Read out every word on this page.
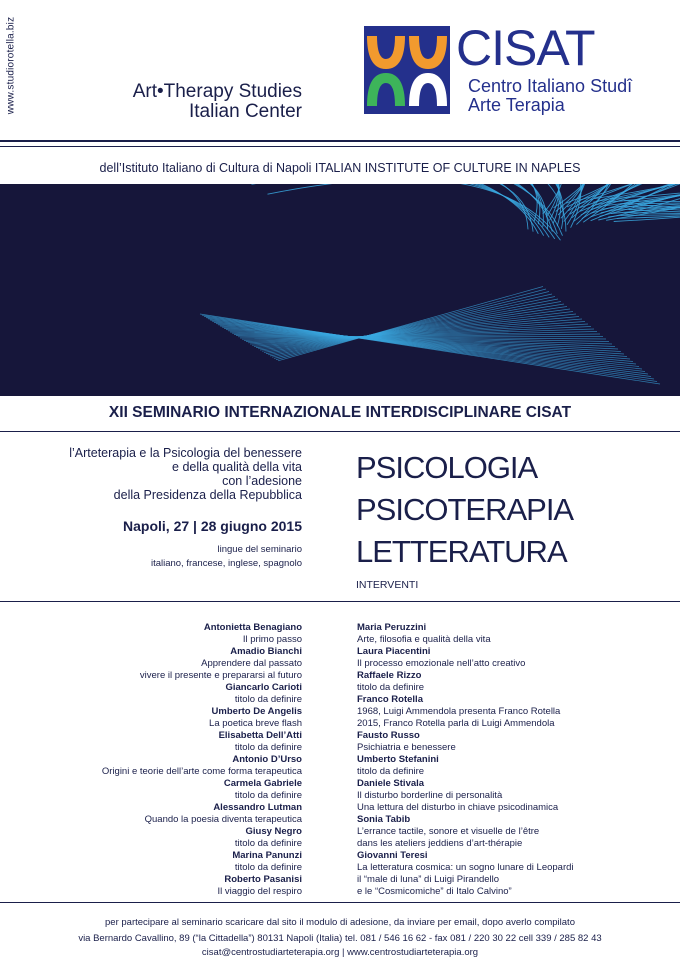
www.studiorotella.biz	Art•Therapy Studies
Italian Center
CISAT
Centro Italiano Studî
Arte Terapia
dell’Istituto Italiano di Cultura di Napoli ITALIAN INSTITUTE OF CULTURE IN NAPLES
XII SEMINARIO INTERNAZIONALE INTERDISCIPLINARE CISAT
l’Arteterapia e la Psicologia del benessere
e della qualità della vita
con l’adesione
della Presidenza della Repubblica
Napoli, 27 | 28 giugno 2015
lingue del seminario
italiano, francese, inglese, spagnolo
PSICOLOGIA
PSICOTERAPIA
LETTERATURA
INTERVENTI
Antonietta Benagiano
Il primo passo
Amadio Bianchi
Apprendere dal passato
vivere il presente e prepararsi al futuro
Giancarlo Carioti
titolo da definire
Umberto De Angelis
La poetica breve flash
Elisabetta Dell’Atti
titolo da definire
Antonio D’Urso
Origini e teorie dell’arte come forma terapeutica
Carmela Gabriele
titolo da definire
Alessandro Lutman
Quando la poesia diventa terapeutica
Giusy Negro
titolo da definire
Marina Panunzi
titolo da definire
Roberto Pasanisi
Il viaggio del respiro
Maria Peruzzini
Arte, filosofia e qualità della vita
Laura Piacentini
Il processo emozionale nell’atto creativo
Raffaele Rizzo
titolo da definire
Franco Rotella
1968, Luigi Ammendola presenta Franco Rotella
2015, Franco Rotella parla di Luigi Ammendola
Fausto Russo
Psichiatria e benessere
Umberto Stefanini
titolo da definire
Daniele Stivala
Il disturbo borderline di personalità
Una lettura del disturbo in chiave psicodinamica
Sonia Tabib
L’errance tactile, sonore et visuelle de l’être
dans les ateliers jeddiens d’art-thérapie
Giovanni Teresi
La letteratura cosmica: un sogno lunare di Leopardi
il “male di luna” di Luigi Pirandello
e le “Cosmicomiche” di Italo Calvino”
per partecipare al seminario scaricare dal sito il modulo di adesione, da inviare per email, dopo averlo compilato
via Bernardo Cavallino, 89 (“la Cittadella”) 80131 Napoli (Italia) tel. 081 / 546 16 62 - fax 081 / 220 30 22 cell 339 / 285 82 43
cisat@centrostudiarteterapia.org | www.centrostudiarteterapia.org
